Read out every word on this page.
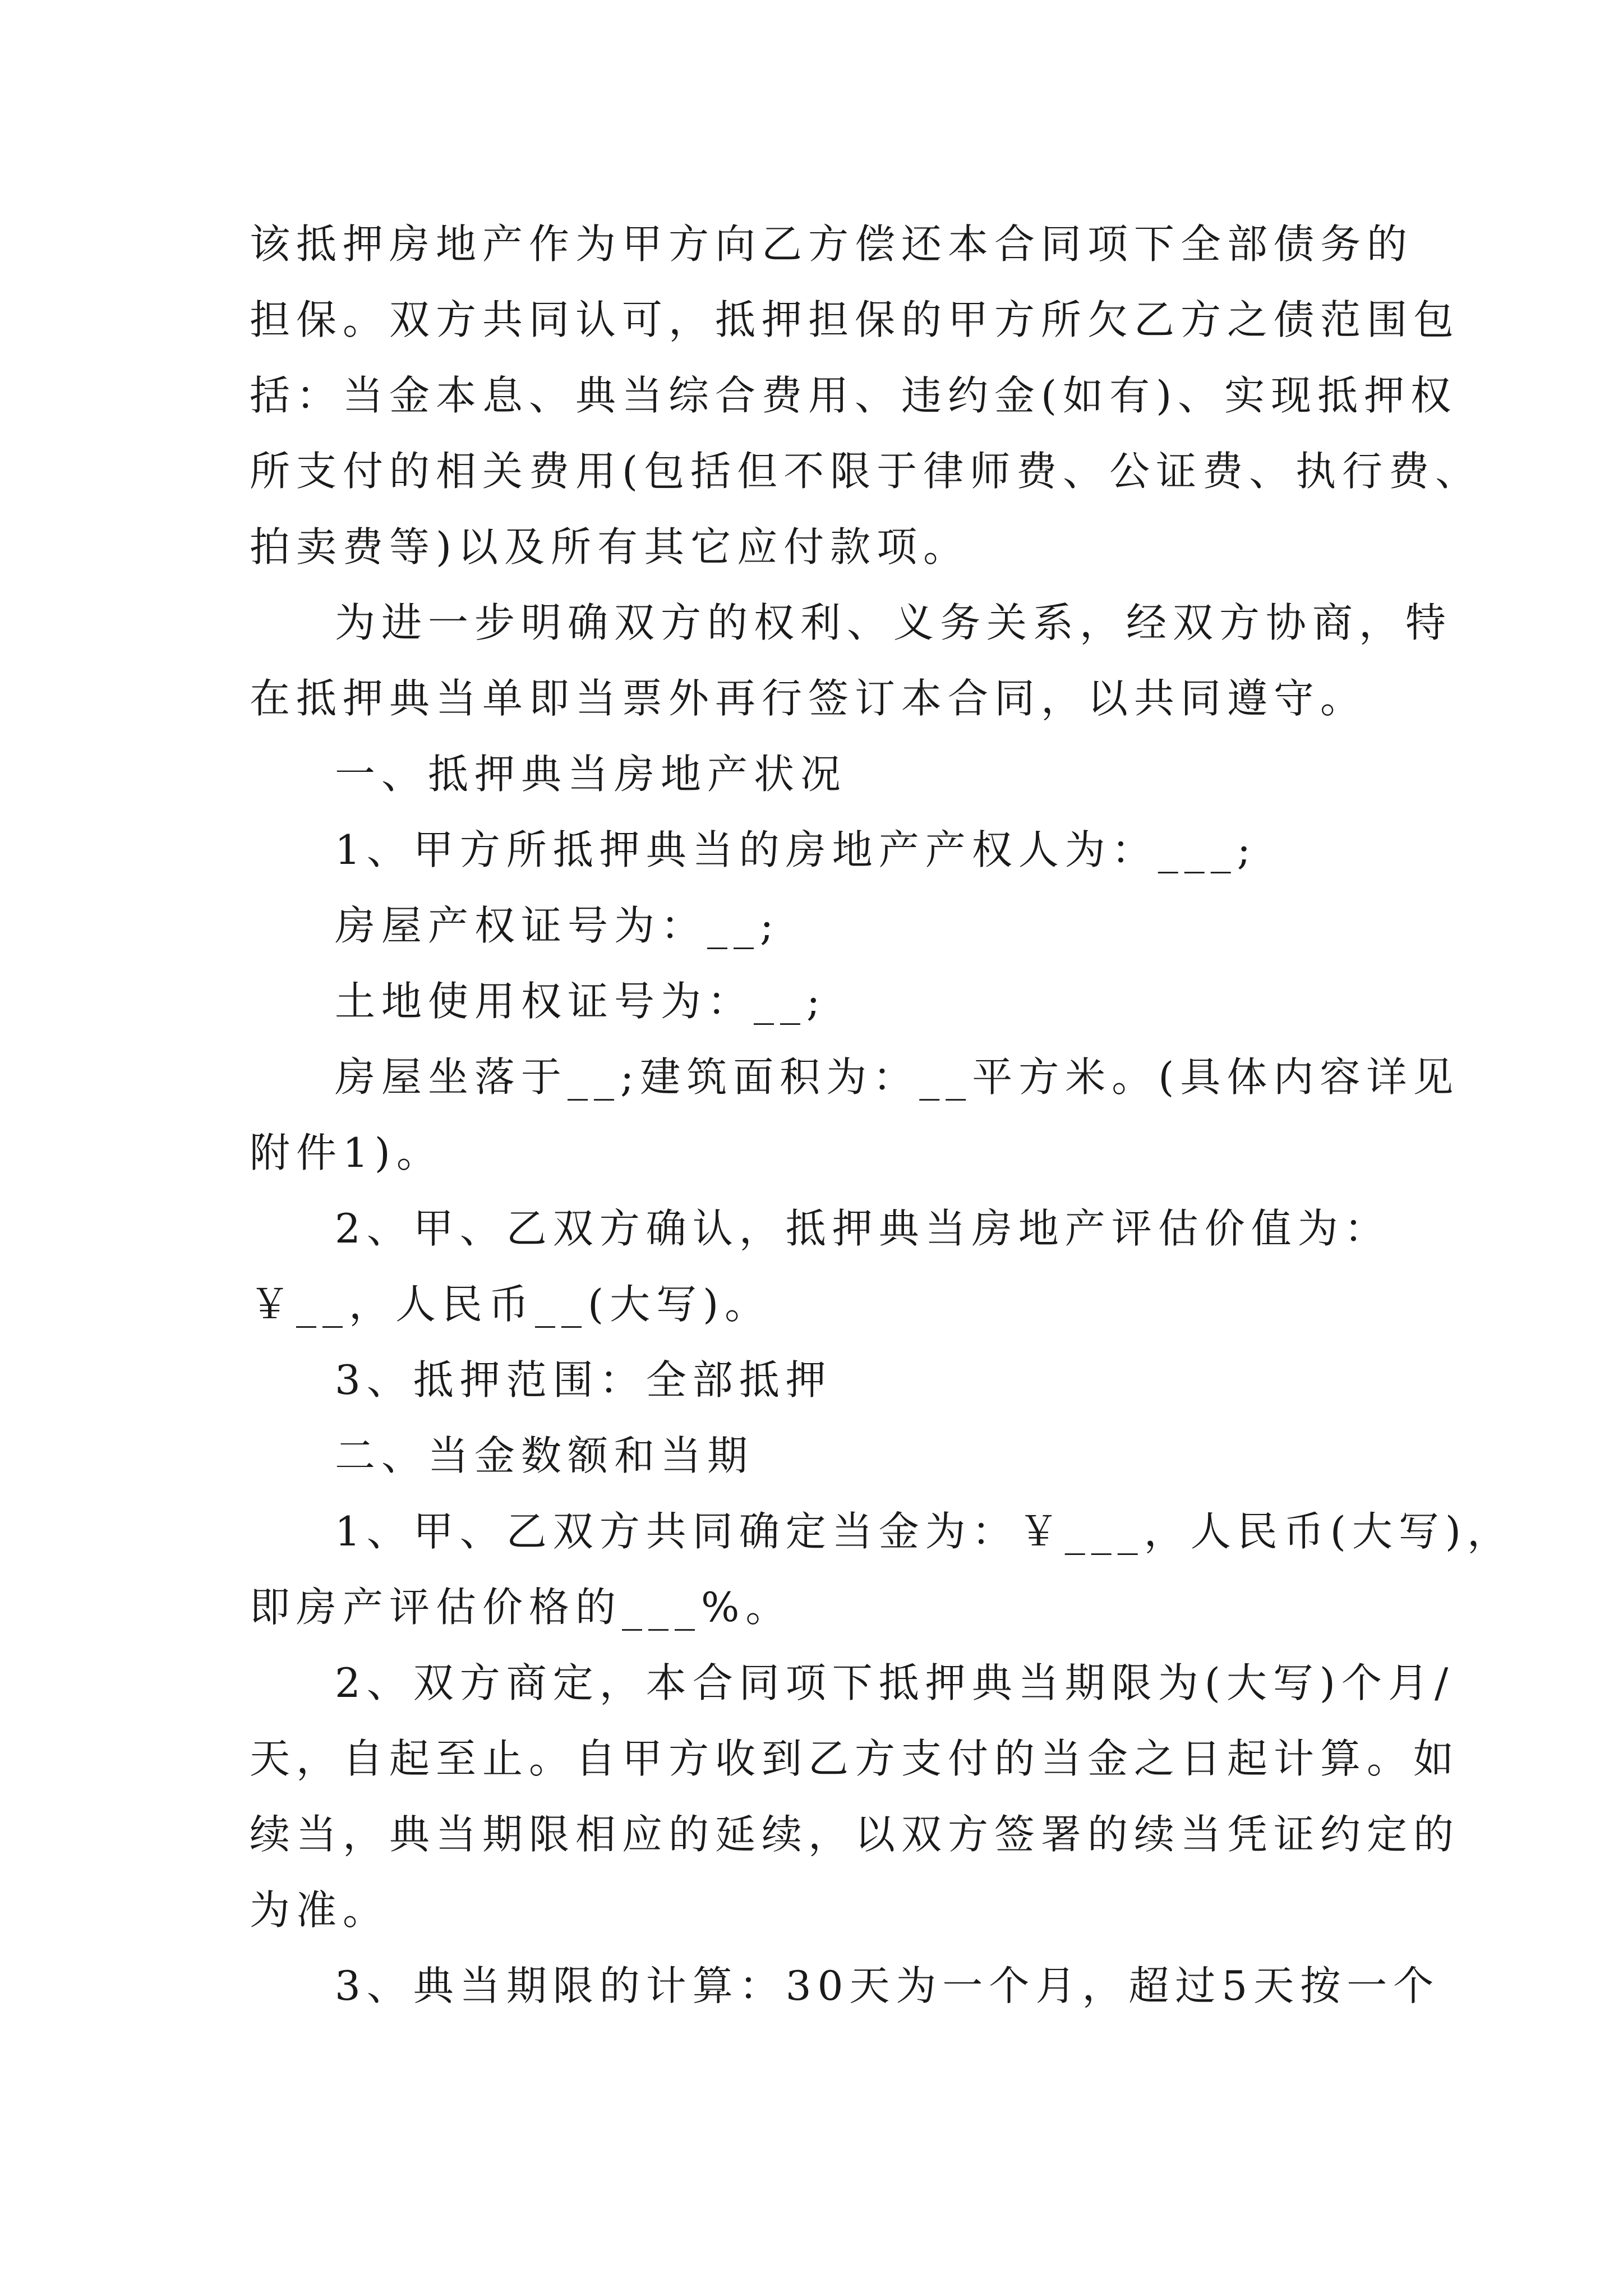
该抵押房地产作为甲方向乙方偿还本合同项下全部债务的
担保。双方共同认可，抵押担保的甲方所欠乙方之债范围包
括：当金本息、典当综合费用、违约金(如有)、实现抵押权
所支付的相关费用(包括但不限于律师费、公证费、执行费、
拍卖费等)以及所有其它应付款项。
为进一步明确双方的权利、义务关系，经双方协商，特
在抵押典当单即当票外再行签订本合同，以共同遵守。
一、抵押典当房地产状况
1、甲方所抵押典当的房地产产权人为：___;
房屋产权证号为：__;
土地使用权证号为：__;
房屋坐落于__;建筑面积为：__平方米。(具体内容详见
附件1)。
2、甲、乙双方确认，抵押典当房地产评估价值为：
￥__，人民币__(大写)。
3、抵押范围：全部抵押
二、当金数额和当期
1、甲、乙双方共同确定当金为：￥___，人民币(大写)，
即房产评估价格的___%。
2、双方商定，本合同项下抵押典当期限为(大写)个月/
天，自起至止。自甲方收到乙方支付的当金之日起计算。如
续当，典当期限相应的延续，以双方签署的续当凭证约定的
为准。
3、典当期限的计算：30天为一个月，超过5天按一个
